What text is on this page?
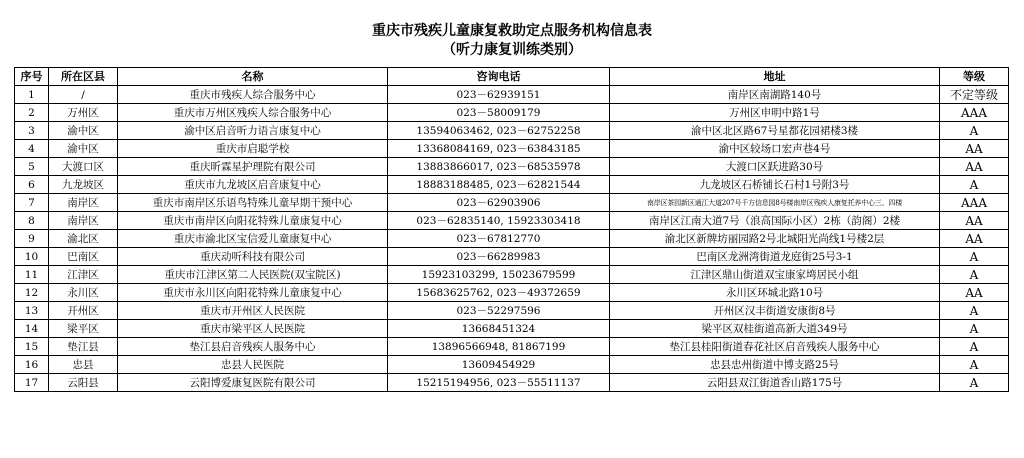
重庆市残疾儿童康复救助定点服务机构信息表
（听力康复训练类别）
序号	所在区县	名称	咨询电话	地址	等级
1	/	重庆市残疾人综合服务中心	023－62939151	南岸区南湖路140号	不定等级
2	万州区	重庆市万州区残疾人综合服务中心	023－58009179	万州区申明中路1号	AAA
3	渝中区	渝中区启音听力语言康复中心	13594063462, 023－62752258	渝中区北区路67号星都花园裙楼3楼	A
4	渝中区	重庆市启聪学校	13368084169, 023－63843185	渝中区较场口宏声巷4号	AA
5	大渡口区	重庆昕霖星护理院有限公司	13883866017, 023－68535978	大渡口区跃进路30号	AA
6	九龙坡区	重庆市九龙坡区启音康复中心	18883188485, 023－62821544	九龙坡区石桥铺长石村1号附3号	A
7	南岸区	重庆市南岸区乐语鸟特殊儿童早期干预中心	023－62903906	南岸区茶园新区通江大道207号千方信息园8号楼南岸区残疾人康复托养中心三、四楼	AAA
8	南岸区	重庆市南岸区向阳花特殊儿童康复中心	023－62835140, 15923303418	南岸区江南大道7号（浪高国际小区）2栋（韵阁）2楼	AA
9	渝北区	重庆市渝北区宝信爱儿童康复中心	023－67812770	渝北区新牌坊丽园路2号北城阳光尚线1号楼2层	AA
10	巴南区	重庆动听科技有限公司	023－66289983	巴南区龙洲湾街道龙庭街25号3-1	A
11	江津区	重庆市江津区第二人民医院(双宝院区)	15923103299, 15023679599	江津区鼎山街道双宝康家塆居民小组	A
12	永川区	重庆市永川区向阳花特殊儿童康复中心	15683625762, 023－49372659	永川区环城北路10号	AA
13	开州区	重庆市开州区人民医院	023－52297596	开州区汉丰街道安康街8号	A
14	梁平区	重庆市梁平区人民医院	13668451324	梁平区双桂街道高新大道349号	A
15	垫江县	垫江县启音残疾人服务中心	13896566948, 81867199	垫江县桂阳街道春花社区启音残疾人服务中心	A
16	忠县	忠县人民医院	13609454929	忠县忠州街道中博支路25号	A
17	云阳县	云阳博爱康复医院有限公司	15215194956, 023－55511137	云阳县双江街道香山路175号	A
